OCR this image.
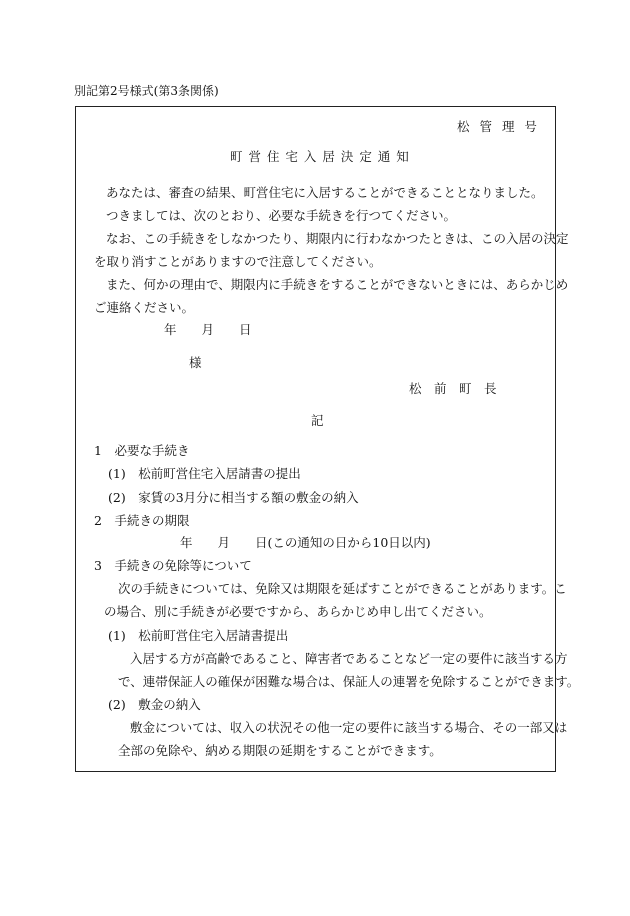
別記第2号様式(第3条関係)
松 管 理 号
町 営 住 宅 入 居 決 定 通 知
あなたは、審査の結果、町営住宅に入居することができることとなりました。
つきましては、次のとおり、必要な手続きを行つてください。
なお、この手続きをしなかつたり、期限内に行わなかつたときは、この入居の決定
を取り消すことがありますので注意してください。
また、何かの理由で、期限内に手続きをすることができないときには、あらかじめ
ご連絡ください。
年　　月　　日
様
松　前　町　長
記
1　必要な手続き
(1)　松前町営住宅入居請書の提出
(2)　家賃の3月分に相当する額の敷金の納入
2　手続きの期限
年　　月　　日(この通知の日から10日以内)
3　手続きの免除等について
次の手続きについては、免除又は期限を延ばすことができることがあります。こ
の場合、別に手続きが必要ですから、あらかじめ申し出てください。
(1)　松前町営住宅入居請書提出
入居する方が高齢であること、障害者であることなど一定の要件に該当する方
で、連帯保証人の確保が困難な場合は、保証人の連署を免除することができます。
(2)　敷金の納入
敷金については、収入の状況その他一定の要件に該当する場合、その一部又は
全部の免除や、納める期限の延期をすることができます。
